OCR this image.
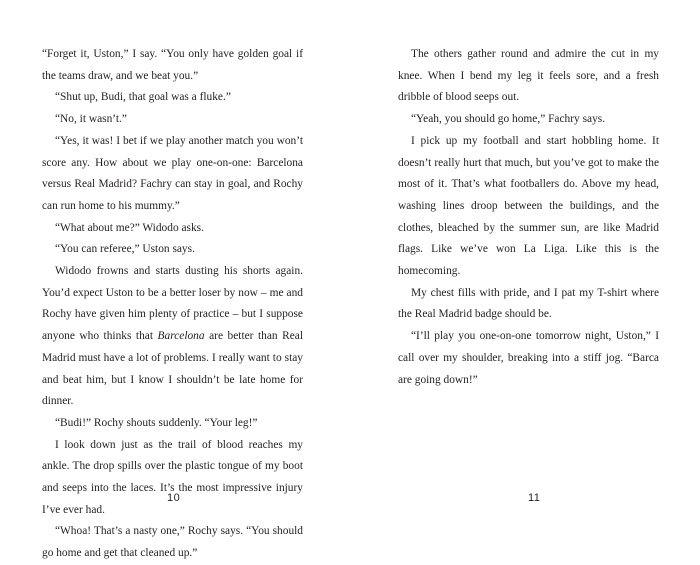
“Forget it, Uston,” I say. “You only have golden goal if the teams draw, and we beat you.”

“Shut up, Budi, that goal was a fluke.”

“No, it wasn’t.”

“Yes, it was! I bet if we play another match you won’t score any. How about we play one-on-one: Barcelona versus Real Madrid? Fachry can stay in goal, and Rochy can run home to his mummy.”

“What about me?” Widodo asks.

“You can referee,” Uston says.

Widodo frowns and starts dusting his shorts again. You’d expect Uston to be a better loser by now – me and Rochy have given him plenty of practice – but I suppose anyone who thinks that Barcelona are better than Real Madrid must have a lot of problems. I really want to stay and beat him, but I know I shouldn’t be late home for dinner.

“Budi!” Rochy shouts suddenly. “Your leg!”

I look down just as the trail of blood reaches my ankle. The drop spills over the plastic tongue of my boot and seeps into the laces. It’s the most impressive injury I’ve ever had.

“Whoa! That’s a nasty one,” Rochy says. “You should go home and get that cleaned up.”

10

The others gather round and admire the cut in my knee. When I bend my leg it feels sore, and a fresh dribble of blood seeps out.

“Yeah, you should go home,” Fachry says.

I pick up my football and start hobbling home. It doesn’t really hurt that much, but you’ve got to make the most of it. That’s what footballers do. Above my head, washing lines droop between the buildings, and the clothes, bleached by the summer sun, are like Madrid flags. Like we’ve won La Liga. Like this is the homecoming.

My chest fills with pride, and I pat my T-shirt where the Real Madrid badge should be.

“I’ll play you one-on-one tomorrow night, Uston,” I call over my shoulder, breaking into a stiff jog. “Barca are going down!”

11
